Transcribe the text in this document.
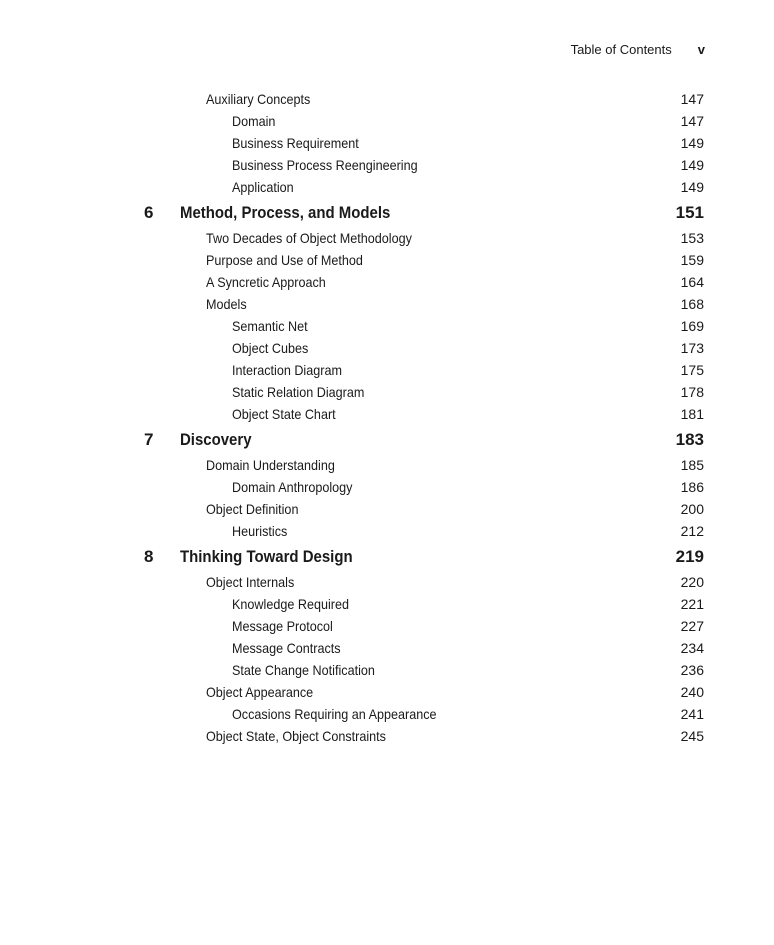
Table of Contents v
Auxiliary Concepts	147
Domain	147
Business Requirement	149
Business Process Reengineering	149
Application	149
6 Method, Process, and Models	151
Two Decades of Object Methodology	153
Purpose and Use of Method	159
A Syncretic Approach	164
Models	168
Semantic Net	169
Object Cubes	173
Interaction Diagram	175
Static Relation Diagram	178
Object State Chart	181
7 Discovery	183
Domain Understanding	185
Domain Anthropology	186
Object Definition	200
Heuristics	212
8 Thinking Toward Design	219
Object Internals	220
Knowledge Required	221
Message Protocol	227
Message Contracts	234
State Change Notification	236
Object Appearance	240
Occasions Requiring an Appearance	241
Object State, Object Constraints	245
